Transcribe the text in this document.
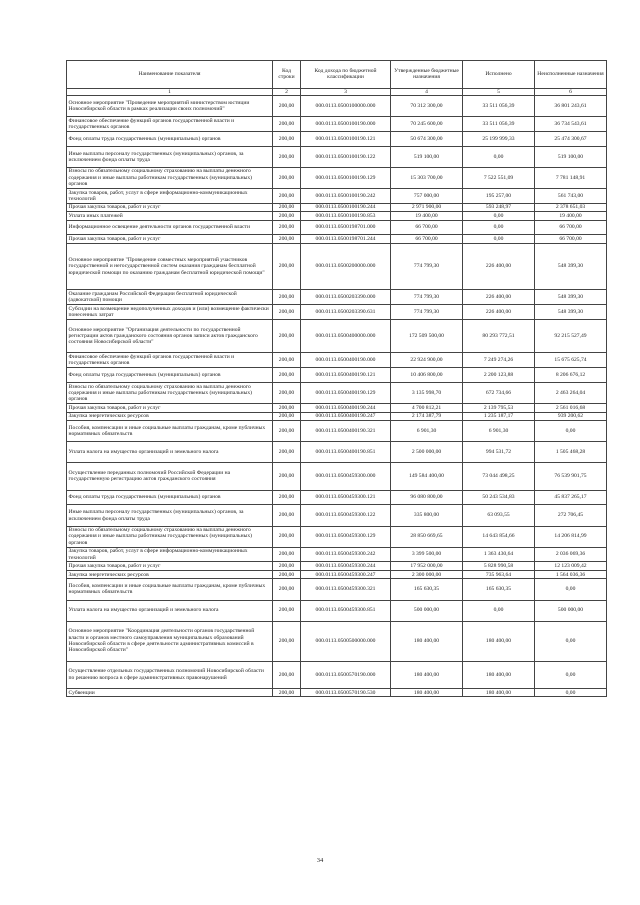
Наименование показателя	Код строки	Код дохода по бюджетной классификации	Утвержденные бюджетные назначения	Исполнено	Неисполненные назначения
1	2	3	4	5	6
Основное мероприятие "Проведение мероприятий министерством юстиции Новосибирской области в рамках реализации своих полномочий"	200,00	000.0113.0500100000.000	70 312 300,00	33 511 056,39	36 801 243,61
Финансовое обеспечение функций органов государственной власти и государственных органов	200,00	000.0113.0500100190.000	70 245 600,00	33 511 056,39	36 734 543,61
Фонд оплаты труда государственных (муниципальных) органов	200,00	000.0113.0500100190.121	50 674 300,00	25 199 999,33	25 474 300,67
Иные выплаты персоналу государственных (муниципальных) органов, за исключением фонда оплаты труда	200,00	000.0113.0500100190.122	519 100,00	0,00	519 100,00
Взносы по обязательному социальному страхованию на выплаты денежного содержания и иные выплаты работникам государственных (муниципальных) органов	200,00	000.0113.0500100190.129	15 303 700,00	7 522 551,09	7 781 148,91
Закупка товаров, работ, услуг в сфере информационно-коммуникационных технологий	200,00	000.0113.0500100190.242	757 000,00	195 257,00	561 743,00
Прочая закупка товаров, работ и услуг	200,00	000.0113.0500100190.244	2 971 900,00	593 248,97	2 378 651,03
Уплата иных платежей	200,00	000.0113.0500100190.853	19 400,00	0,00	19 400,00
Информационное освещение деятельности органов государственной власти	200,00	000.0113.0500198701.000	66 700,00	0,00	66 700,00
Прочая закупка товаров, работ и услуг	200,00	000.0113.0500198701.244	66 700,00	0,00	66 700,00
Основное мероприятие "Проведение совместных мероприятий участников государственной и негосударственной систем оказания гражданам бесплатной юридической помощи по оказанию гражданам бесплатной юридической помощи"	200,00	000.0113.0500200000.000	774 799,30	226 400,00	548 399,30
Оказание гражданам Российской Федерации бесплатной юридической (адвокатской) помощи	200,00	000.0113.0500203390.000	774 799,30	226 400,00	548 399,30
Субсидии на возмещение недополученных доходов и (или) возмещение фактически понесенных затрат	200,00	000.0113.0500203390.631	774 799,30	226 400,00	548 399,30
Основное мероприятие "Организация деятельности по государственной регистрации актов гражданского состояния органов записи актов гражданского состояния Новосибирской области"	200,00	000.0113.0500400000.000	172 509 500,00	80 293 772,51	92 215 527,49
Финансовое обеспечение функций органов государственной власти и государственных органов	200,00	000.0113.0500400190.000	22 924 900,00	7 249 274,26	15 675 625,74
Фонд оплаты труда государственных (муниципальных) органов	200,00	000.0113.0500400190.121	10 406 800,00	2 200 123,88	8 206 676,12
Взносы по обязательному социальному страхованию на выплаты денежного содержания и иные выплаты работникам государственных (муниципальных) органов	200,00	000.0113.0500400190.129	3 135 998,70	672 734,66	2 463 264,04
Прочая закупка товаров, работ и услуг	200,00	000.0113.0500400190.244	4 700 812,21	2 139 795,53	2 561 016,68
Закупка энергетических ресурсов	200,00	000.0113.0500400190.247	2 174 387,79	1 235 187,17	939 200,62
Пособия, компенсации и иные социальные выплаты гражданам, кроме публичных нормативных обязательств	200,00	000.0113.0500400190.321	6 901,30	6 901,30	0,00
Уплата налога на имущество организаций и земельного налога	200,00	000.0113.0500400190.851	2 500 000,00	994 531,72	1 505 468,28
Осуществление переданных полномочий Российской Федерации на государственную регистрацию актов гражданского состояния	200,00	000.0113.0500459300.000	149 584 400,00	73 044 498,25	76 539 901,75
Фонд оплаты труда государственных (муниципальных) органов	200,00	000.0113.0500459300.121	96 080 800,00	50 243 534,83	45 837 265,17
Иные выплаты персоналу государственных (муниципальных) органов, за исключением фонда оплаты труда	200,00	000.0113.0500459300.122	335 800,00	63 093,55	272 706,45
Взносы по обязательному социальному страхованию на выплаты денежного содержания и иные выплаты работникам государственных (муниципальных) органов	200,00	000.0113.0500459300.129	28 850 669,65	14 643 854,66	14 206 814,99
Закупка товаров, работ, услуг в сфере информационно-коммуникационных технологий	200,00	000.0113.0500459300.242	3 399 500,00	1 363 430,64	2 036 069,36
Прочая закупка товаров, работ и услуг	200,00	000.0113.0500459300.244	17 952 000,00	5 828 990,58	12 123 009,42
Закупка энергетических ресурсов	200,00	000.0113.0500459300.247	2 300 000,00	735 963,64	1 564 036,36
Пособия, компенсации и иные социальные выплаты гражданам, кроме публичных нормативных обязательств	200,00	000.0113.0500459300.321	165 630,35	165 630,35	0,00
Уплата налога на имущество организаций и земельного налога	200,00	000.0113.0500459300.851	500 000,00	0,00	500 000,00
Основное мероприятие "Координация деятельности органов государственной власти и органов местного самоуправления муниципальных образований Новосибирской области в сфере деятельности административных комиссий в Новосибирской области"	200,00	000.0113.0500500000.000	180 400,00	180 400,00	0,00
Осуществление отдельных государственных полномочий Новосибирской области по решению вопроса в сфере административных правонарушений	200,00	000.0113.0500570190.000	180 400,00	180 400,00	0,00
Субвенции	200,00	000.0113.0500570190.530	180 400,00	180 400,00	0,00
34
